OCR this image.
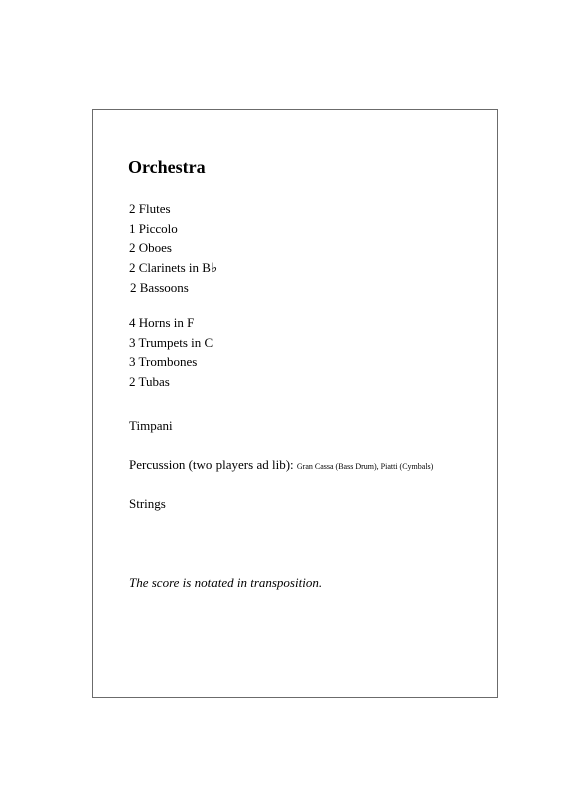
Orchestra
2 Flutes
1 Piccolo
2 Oboes
2 Clarinets in B♭
2 Bassoons
4 Horns in F
3 Trumpets in C
3 Trombones
2 Tubas
Timpani
Percussion (two players ad lib): Gran Cassa (Bass Drum), Piatti (Cymbals)
Strings
The score is notated in transposition.
